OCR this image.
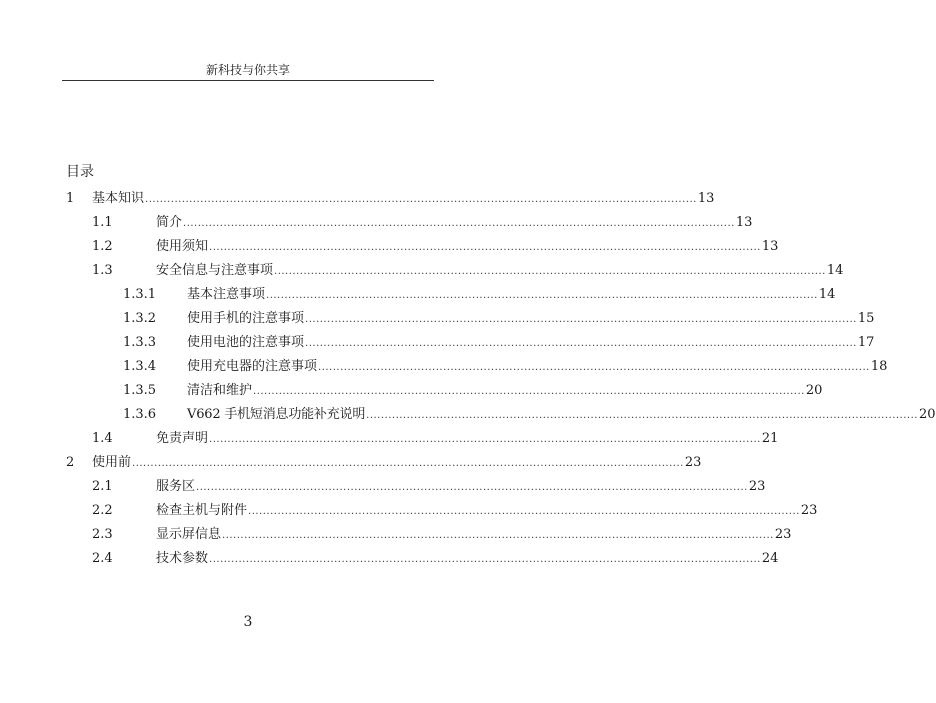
新科技与你共享
目录
1	基本知识 ...................................................................................................................................................... 13
1.1	简介 ...................................................................................................................................................... 13
1.2	使用须知 ...................................................................................................................................................... 13
1.3	安全信息与注意事项 ...................................................................................................................................................... 14
1.3.1	基本注意事项 ...................................................................................................................................................... 14
1.3.2	使用手机的注意事项 ...................................................................................................................................................... 15
1.3.3	使用电池的注意事项 ...................................................................................................................................................... 17
1.3.4	使用充电器的注意事项 ...................................................................................................................................................... 18
1.3.5	清洁和维护 ...................................................................................................................................................... 20
1.3.6	V662 手机短消息功能补充说明 ...................................................................................................................................................... 20
1.4	免责声明 ...................................................................................................................................................... 21
2	使用前 ...................................................................................................................................................... 23
2.1	服务区 ...................................................................................................................................................... 23
2.2	检查主机与附件 ...................................................................................................................................................... 23
2.3	显示屏信息 ...................................................................................................................................................... 23
2.4	技术参数 ...................................................................................................................................................... 24
3
